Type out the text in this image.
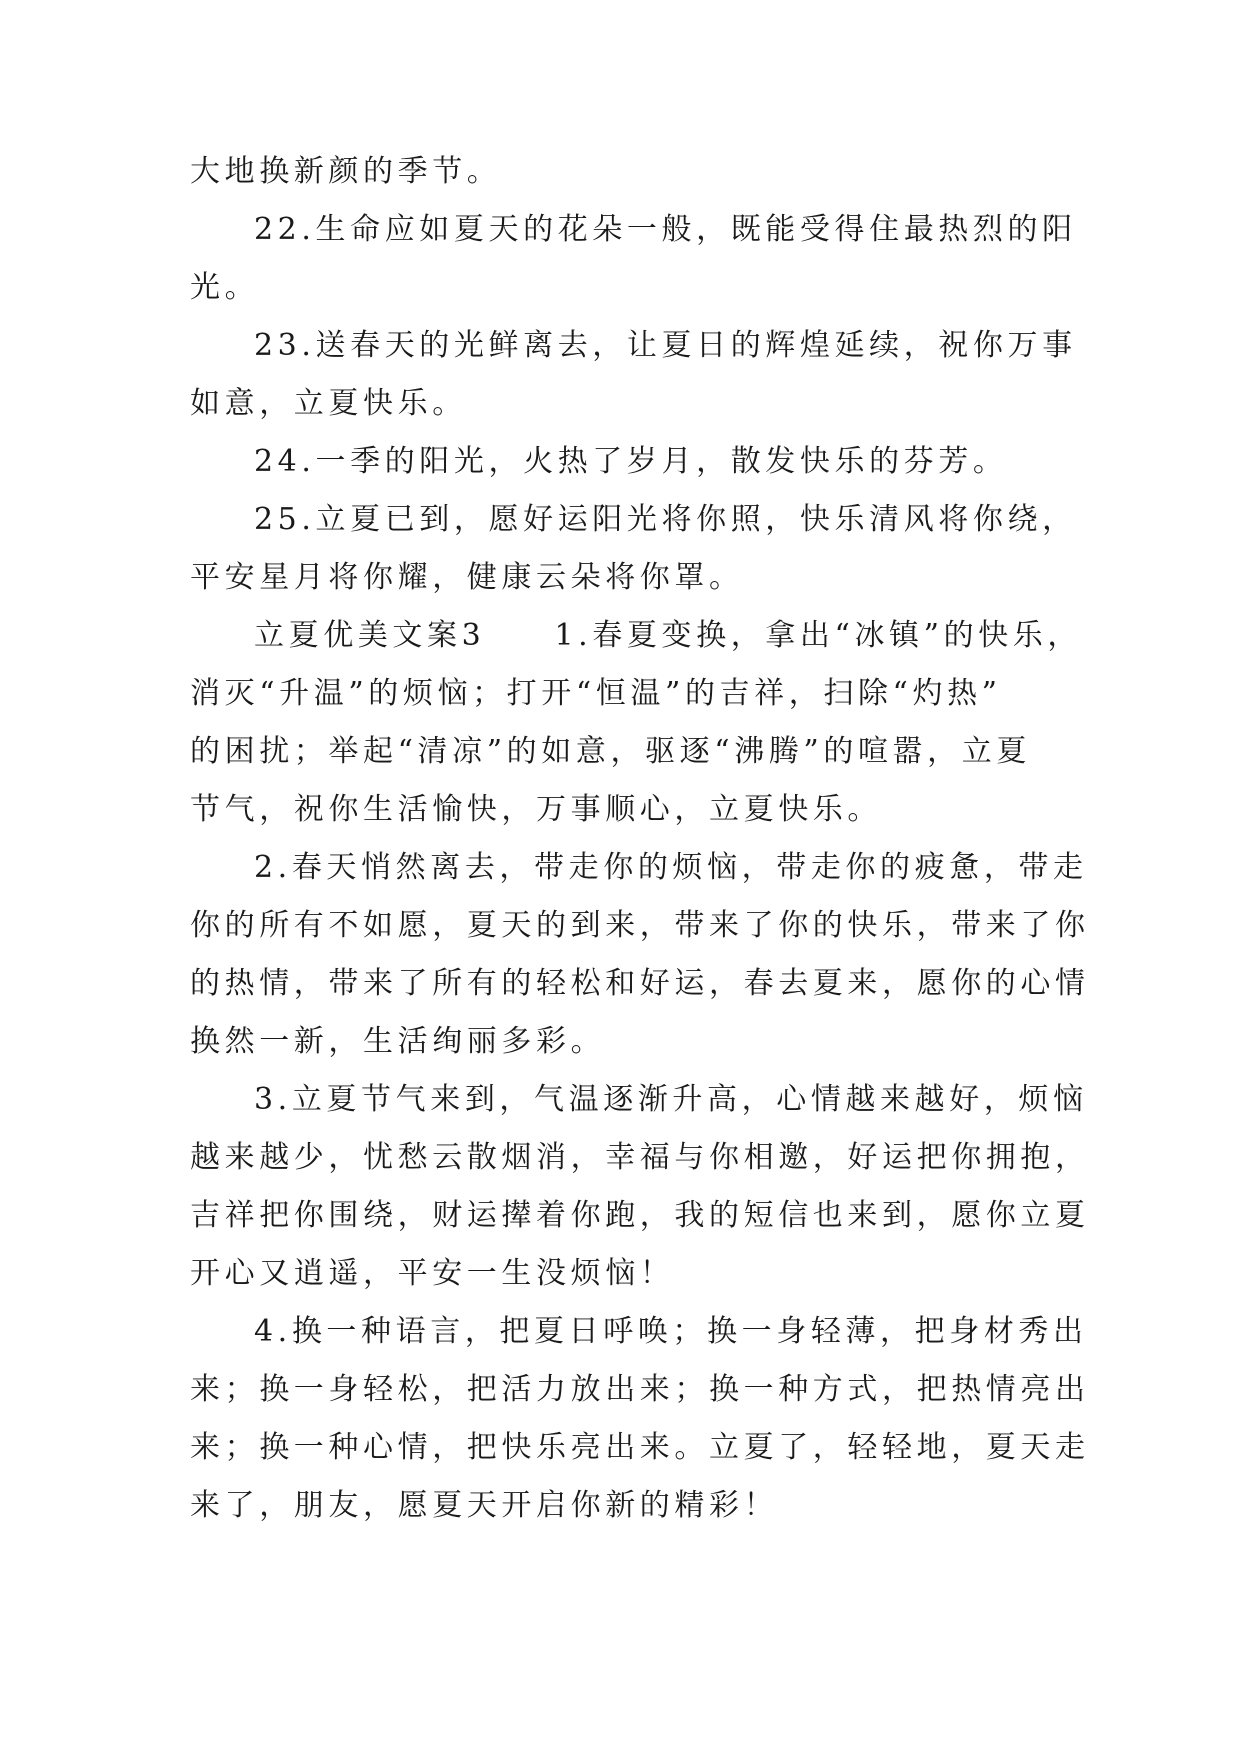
大地换新颜的季节。

22.生命应如夏天的花朵一般，既能受得住最热烈的阳

光。

23.送春天的光鲜离去，让夏日的辉煌延续，祝你万事

如意，立夏快乐。

24.一季的阳光，火热了岁月，散发快乐的芬芳。

25.立夏已到，愿好运阳光将你照，快乐清风将你绕，

平安星月将你耀，健康云朵将你罩。

立夏优美文案3　　1.春夏变换，拿出“冰镇”的快乐，

消灭“升温”的烦恼；打开“恒温”的吉祥，扫除“灼热”

的困扰；举起“清凉”的如意，驱逐“沸腾”的喧嚣，立夏

节气，祝你生活愉快，万事顺心，立夏快乐。

2.春天悄然离去，带走你的烦恼，带走你的疲惫，带走

你的所有不如愿，夏天的到来，带来了你的快乐，带来了你

的热情，带来了所有的轻松和好运，春去夏来，愿你的心情

换然一新，生活绚丽多彩。

3.立夏节气来到，气温逐渐升高，心情越来越好，烦恼

越来越少，忧愁云散烟消，幸福与你相邀，好运把你拥抱，

吉祥把你围绕，财运撵着你跑，我的短信也来到，愿你立夏

开心又逍遥，平安一生没烦恼！

4.换一种语言，把夏日呼唤；换一身轻薄，把身材秀出

来；换一身轻松，把活力放出来；换一种方式，把热情亮出

来；换一种心情，把快乐亮出来。立夏了，轻轻地，夏天走

来了，朋友，愿夏天开启你新的精彩！
